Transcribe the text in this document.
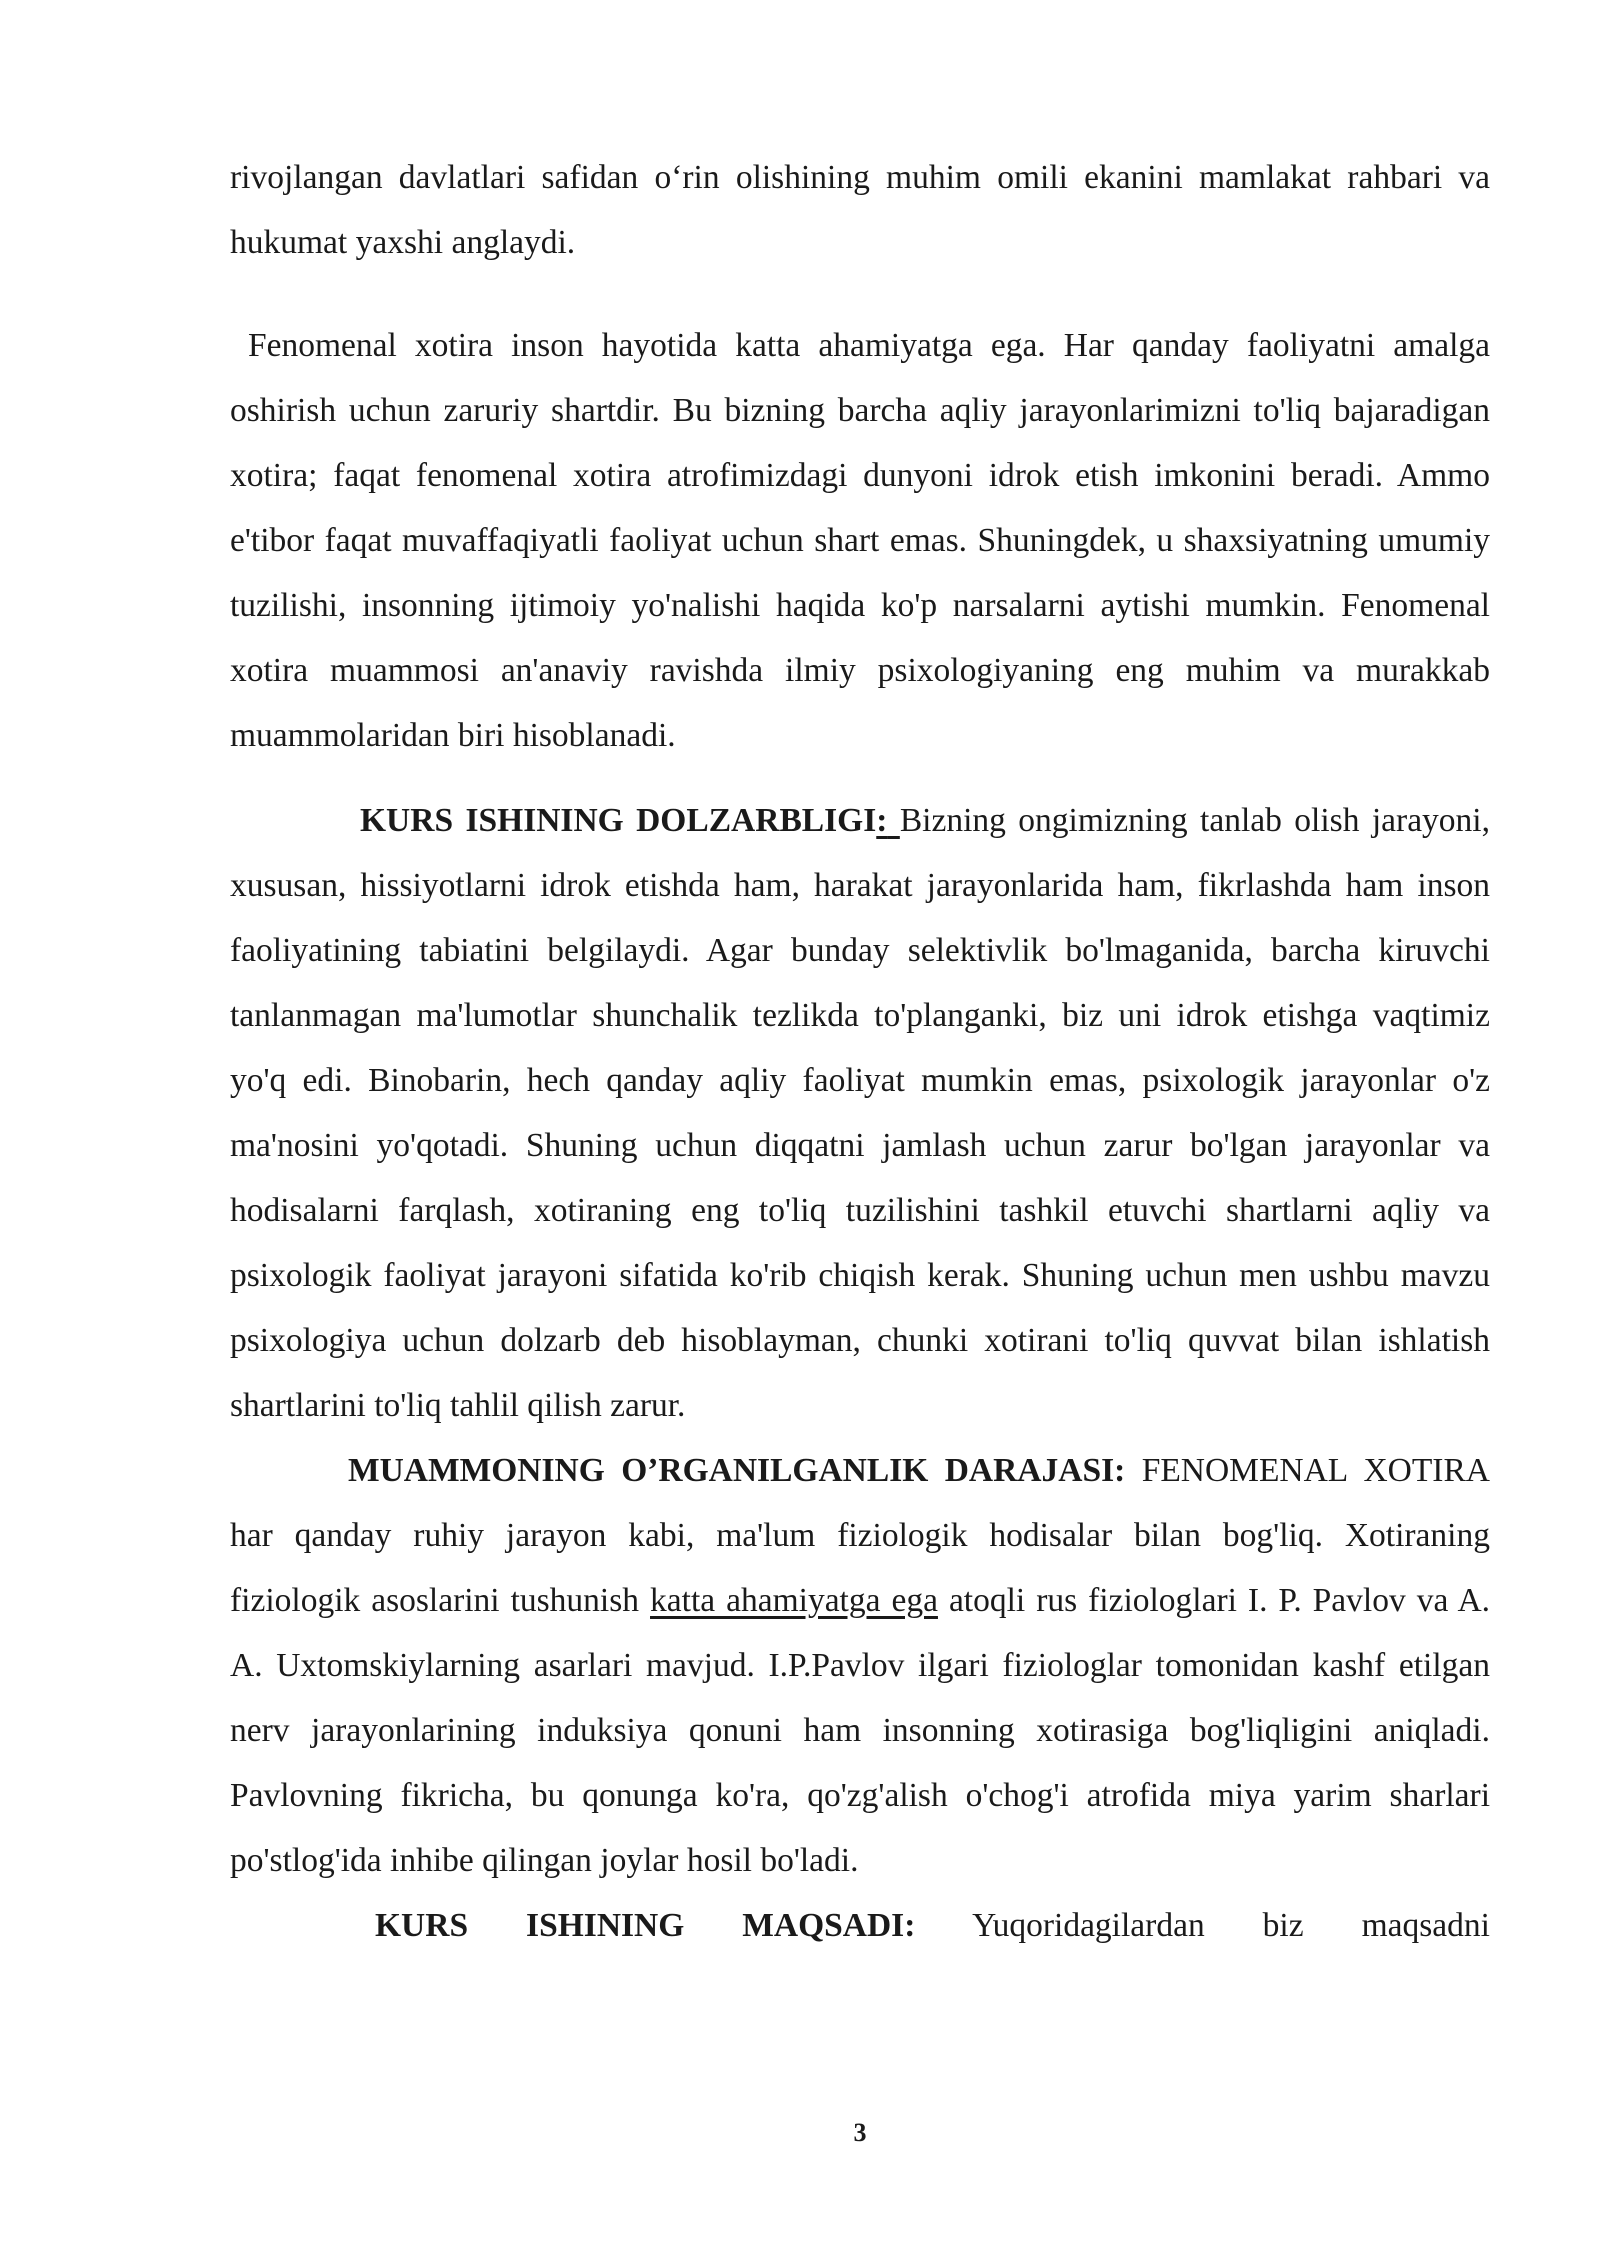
rivojlangan davlatlari safidan o‘rin olishining muhim omili ekanini mamlakat rahbari va hukumat yaxshi anglaydi.

Fenomenal xotira inson hayotida katta ahamiyatga ega. Har qanday faoliyatni amalga oshirish uchun zaruriy shartdir. Bu bizning barcha aqliy jarayonlarimizni to'liq bajaradigan xotira; faqat fenomenal xotira atrofimizdagi dunyoni idrok etish imkonini beradi. Ammo e'tibor faqat muvaffaqiyatli faoliyat uchun shart emas. Shuningdek, u shaxsiyatning umumiy tuzilishi, insonning ijtimoiy yo'nalishi haqida ko'p narsalarni aytishi mumkin. Fenomenal xotira muammosi an'anaviy ravishda ilmiy psixologiyaning eng muhim va murakkab muammolaridan biri hisoblanadi.

KURS ISHINING DOLZARBLIGI: Bizning ongimizning tanlab olish jarayoni, xususan, hissiyotlarni idrok etishda ham, harakat jarayonlarida ham, fikrlashda ham inson faoliyatining tabiatini belgilaydi. Agar bunday selektivlik bo'lmaganida, barcha kiruvchi tanlanmagan ma'lumotlar shunchalik tezlikda to'planganki, biz uni idrok etishga vaqtimiz yo'q edi. Binobarin, hech qanday aqliy faoliyat mumkin emas, psixologik jarayonlar o'z ma'nosini yo'qotadi. Shuning uchun diqqatni jamlash uchun zarur bo'lgan jarayonlar va hodisalarni farqlash, xotiraning eng to'liq tuzilishini tashkil etuvchi shartlarni aqliy va psixologik faoliyat jarayoni sifatida ko'rib chiqish kerak. Shuning uchun men ushbu mavzu psixologiya uchun dolzarb deb hisoblayman, chunki xotirani to'liq quvvat bilan ishlatish shartlarini to'liq tahlil qilish zarur.

MUAMMONING O’RGANILGANLIK DARAJASI: FENOMENAL XOTIRA har qanday ruhiy jarayon kabi, ma'lum fiziologik hodisalar bilan bog'liq. Xotiraning fiziologik asoslarini tushunish katta ahamiyatga ega atoqli rus fiziologlari I. P. Pavlov va A. A. Uxtomskiylarning asarlari mavjud. I.P.Pavlov ilgari fiziologlar tomonidan kashf etilgan nerv jarayonlarining induksiya qonuni ham insonning xotirasiga bog'liqligini aniqladi. Pavlovning fikricha, bu qonunga ko'ra, qo'zg'alish o'chog'i atrofida miya yarim sharlari po'stlog'ida inhibe qilingan joylar hosil bo'ladi.

KURS ISHINING MAQSADI: Yuqoridagilardan biz maqsadni

3
